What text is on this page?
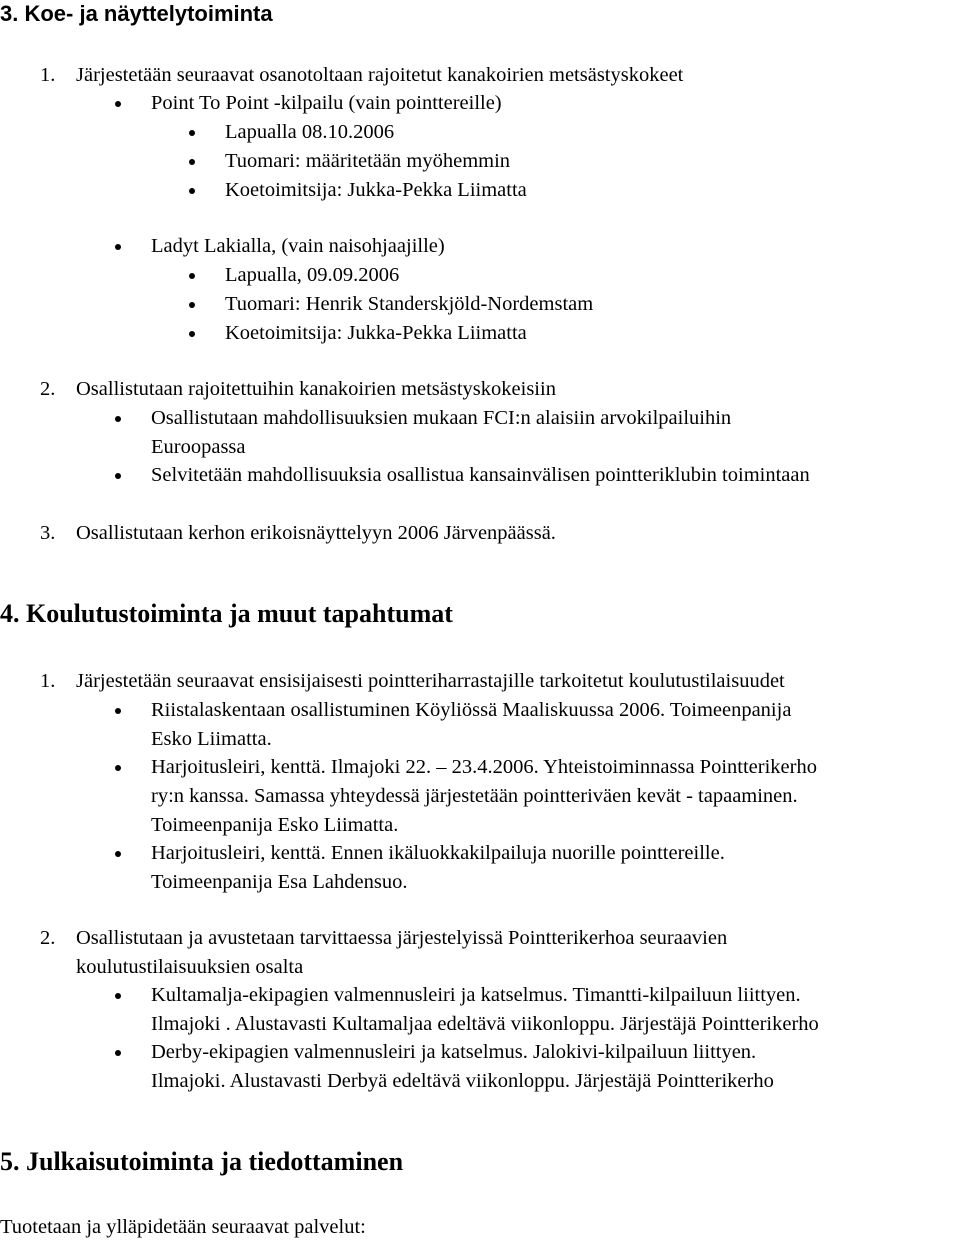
3. Koe- ja näyttelytoiminta
1. Järjestetään seuraavat osanotoltaan rajoitetut kanakoirien metsästyskokeet
Point To Point -kilpailu (vain pointtereille)
Lapualla 08.10.2006
Tuomari: määritetään myöhemmin
Koetoimitsija: Jukka-Pekka Liimatta
Ladyt Lakialla, (vain naisohjaajille)
Lapualla, 09.09.2006
Tuomari: Henrik Standerskjöld-Nordemstam
Koetoimitsija: Jukka-Pekka Liimatta
2. Osallistutaan rajoitettuihin kanakoirien metsästyskokeisiin
Osallistutaan mahdollisuuksien mukaan FCI:n alaisiin arvokilpailuihin
Euroopassa
Selvitetään mahdollisuuksia osallistua kansainvälisen pointteriklubin toimintaan
3. Osallistutaan kerhon erikoisnäyttelyyn 2006 Järvenpäässä.
4. Koulutustoiminta ja muut tapahtumat
1. Järjestetään seuraavat ensisijaisesti pointteriharrastajille tarkoitetut koulutustilaisuudet
Riistalaskentaan osallistuminen Köyliössä Maaliskuussa 2006. Toimeenpanija
Esko Liimatta.
Harjoitusleiri, kenttä. Ilmajoki 22. – 23.4.2006. Yhteistoiminnassa Pointterikerho
ry:n kanssa. Samassa yhteydessä järjestetään pointteriväen kevät - tapaaminen.
Toimeenpanija Esko Liimatta.
Harjoitusleiri, kenttä. Ennen ikäluokkakilpailuja nuorille pointtereille.
Toimeenpanija Esa Lahdensuo.
2. Osallistutaan ja avustetaan tarvittaessa järjestelyissä Pointterikerhoa seuraavien
koulutustilaisuuksien osalta
Kultamalja-ekipagien valmennusleiri ja katselmus. Timantti-kilpailuun liittyen.
Ilmajoki . Alustavasti Kultamaljaa edeltävä viikonloppu. Järjestäjä Pointterikerho
Derby-ekipagien valmennusleiri ja katselmus. Jalokivi-kilpailuun liittyen.
Ilmajoki. Alustavasti Derbyä edeltävä viikonloppu. Järjestäjä Pointterikerho
5. Julkaisutoiminta ja tiedottaminen
Tuotetaan ja ylläpidetään seuraavat palvelut:
